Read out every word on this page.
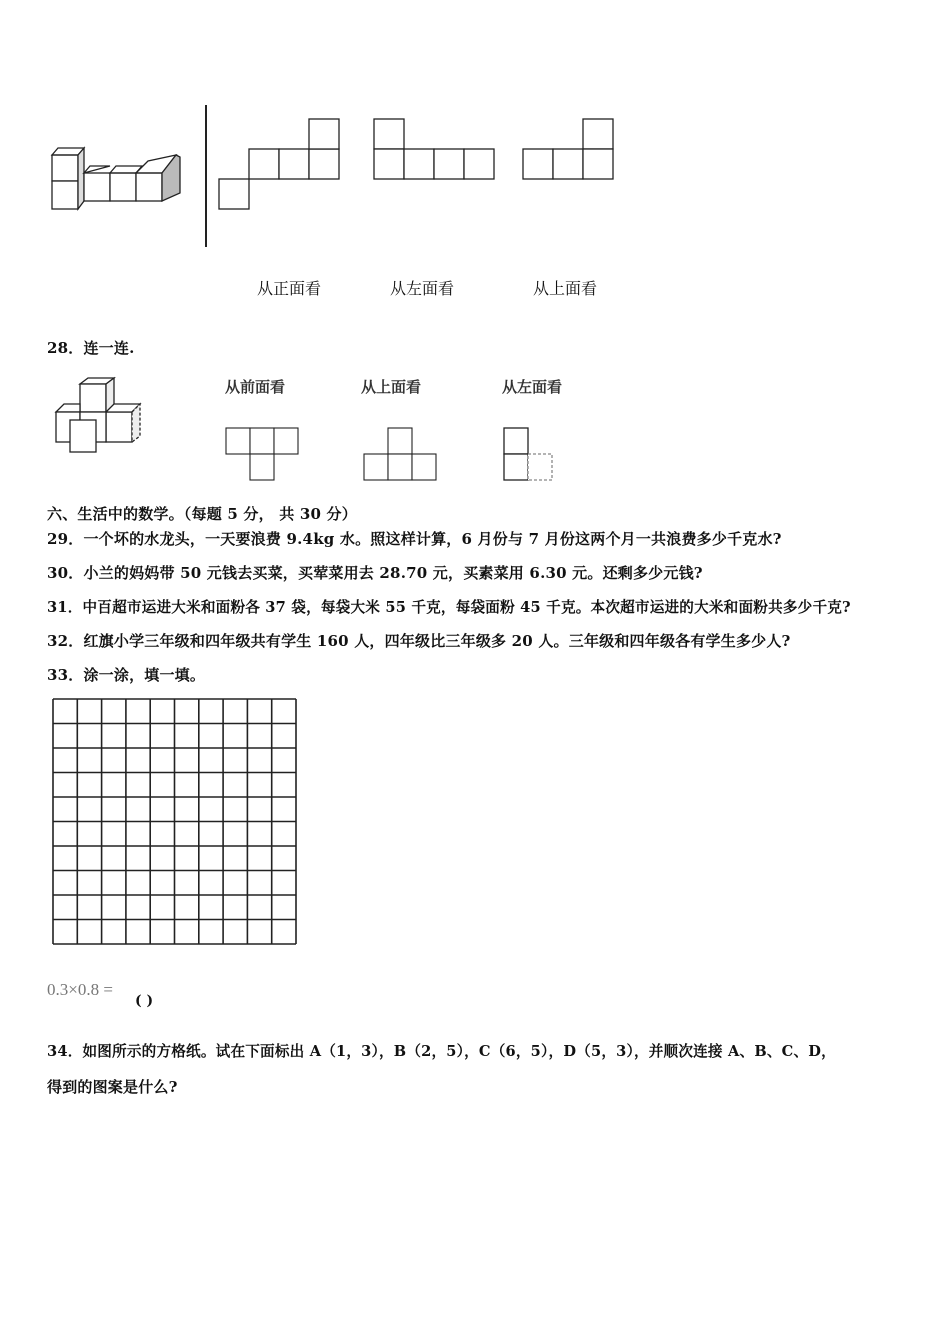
从正面看	从左面看	从上面看
28．连一连.
从前面看	从上面看	从左面看
六、生活中的数学。（每题 5 分， 共 30 分）
29．一个坏的水龙头，一天要浪费 9.4kg 水。照这样计算，6 月份与 7 月份这两个月一共浪费多少千克水?
30．小兰的妈妈带 50 元钱去买菜，买荤菜用去 28.70 元，买素菜用 6.30 元。还剩多少元钱?
31．中百超市运进大米和面粉各 37 袋，每袋大米 55 千克，每袋面粉 45 千克。本次超市运进的大米和面粉共多少千克?
32．红旗小学三年级和四年级共有学生 160 人，四年级比三年级多 20 人。三年级和四年级各有学生多少人?
33．涂一涂，填一填。
0.3×0.8 =
( )
34．如图所示的方格纸。试在下面标出 A（1，3），B（2，5），C（6，5），D（5，3），并顺次连接 A、B、C、D，
得到的图案是什么?
